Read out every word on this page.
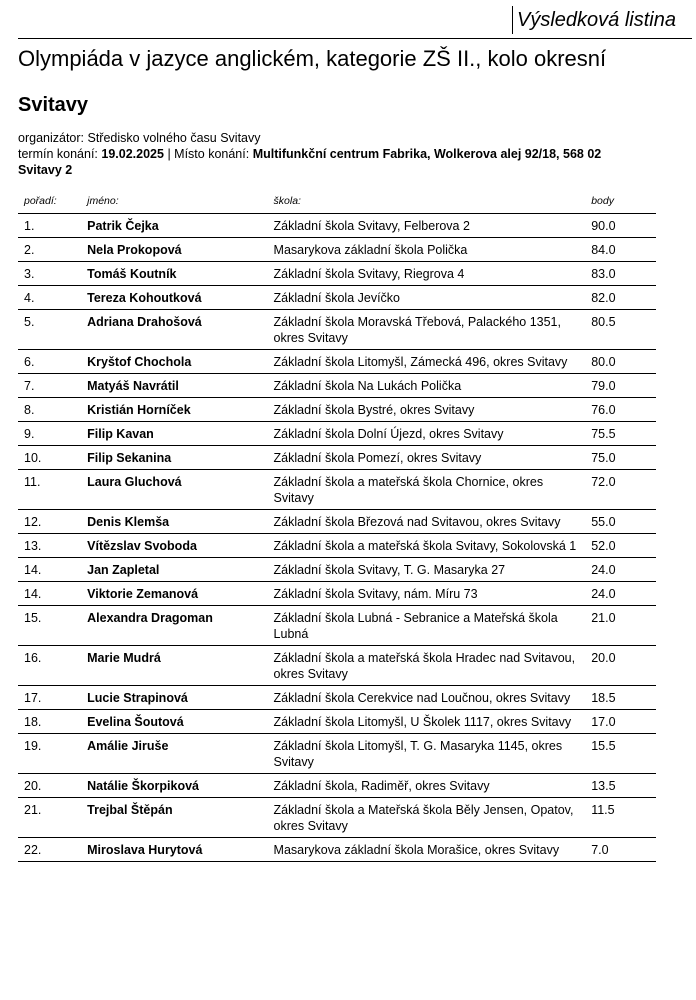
Výsledková listina
Olympiáda v jazyce anglickém, kategorie ZŠ II., kolo okresní
Svitavy
organizátor: Středisko volného času Svitavy
termín konání: 19.02.2025 | Místo konání: Multifunkční centrum Fabrika, Wolkerova alej 92/18, 568 02
Svitavy 2
pořadí:	jméno:	škola:	body
1.	Patrik Čejka	Základní škola Svitavy, Felberova 2	90.0
2.	Nela Prokopová	Masarykova základní škola Polička	84.0
3.	Tomáš Koutník	Základní škola Svitavy, Riegrova 4	83.0
4.	Tereza Kohoutková	Základní škola Jevíčko	82.0
5.	Adriana Drahošová	Základní škola Moravská Třebová, Palackého 1351, okres Svitavy	80.5
6.	Kryštof Chochola	Základní škola Litomyšl, Zámecká 496, okres Svitavy	80.0
7.	Matyáš Navrátil	Základní škola Na Lukách Polička	79.0
8.	Kristián Horníček	Základní škola Bystré, okres Svitavy	76.0
9.	Filip Kavan	Základní škola Dolní Újezd, okres Svitavy	75.5
10.	Filip Sekanina	Základní škola Pomezí, okres Svitavy	75.0
11.	Laura Gluchová	Základní škola a mateřská škola Chornice, okres Svitavy	72.0
12.	Denis Klemša	Základní škola Březová nad Svitavou, okres Svitavy	55.0
13.	Vítězslav Svoboda	Základní škola a mateřská škola Svitavy, Sokolovská 1	52.0
14.	Jan Zapletal	Základní škola Svitavy, T. G. Masaryka 27	24.0
14.	Viktorie Zemanová	Základní škola Svitavy, nám. Míru 73	24.0
15.	Alexandra Dragoman	Základní škola Lubná - Sebranice a Mateřská škola Lubná	21.0
16.	Marie Mudrá	Základní škola a mateřská škola Hradec nad Svitavou, okres Svitavy	20.0
17.	Lucie Strapinová	Základní škola Cerekvice nad Loučnou, okres Svitavy	18.5
18.	Evelina Šoutová	Základní škola Litomyšl, U Školek 1117, okres Svitavy	17.0
19.	Amálie Jiruše	Základní škola Litomyšl, T. G. Masaryka 1145, okres Svitavy	15.5
20.	Natálie Škorpiková	Základní škola, Radiměř, okres Svitavy	13.5
21.	Trejbal Štěpán	Základní škola a Mateřská škola Běly Jensen, Opatov, okres Svitavy	11.5
22.	Miroslava Hurytová	Masarykova základní škola Morašice, okres Svitavy	7.0
